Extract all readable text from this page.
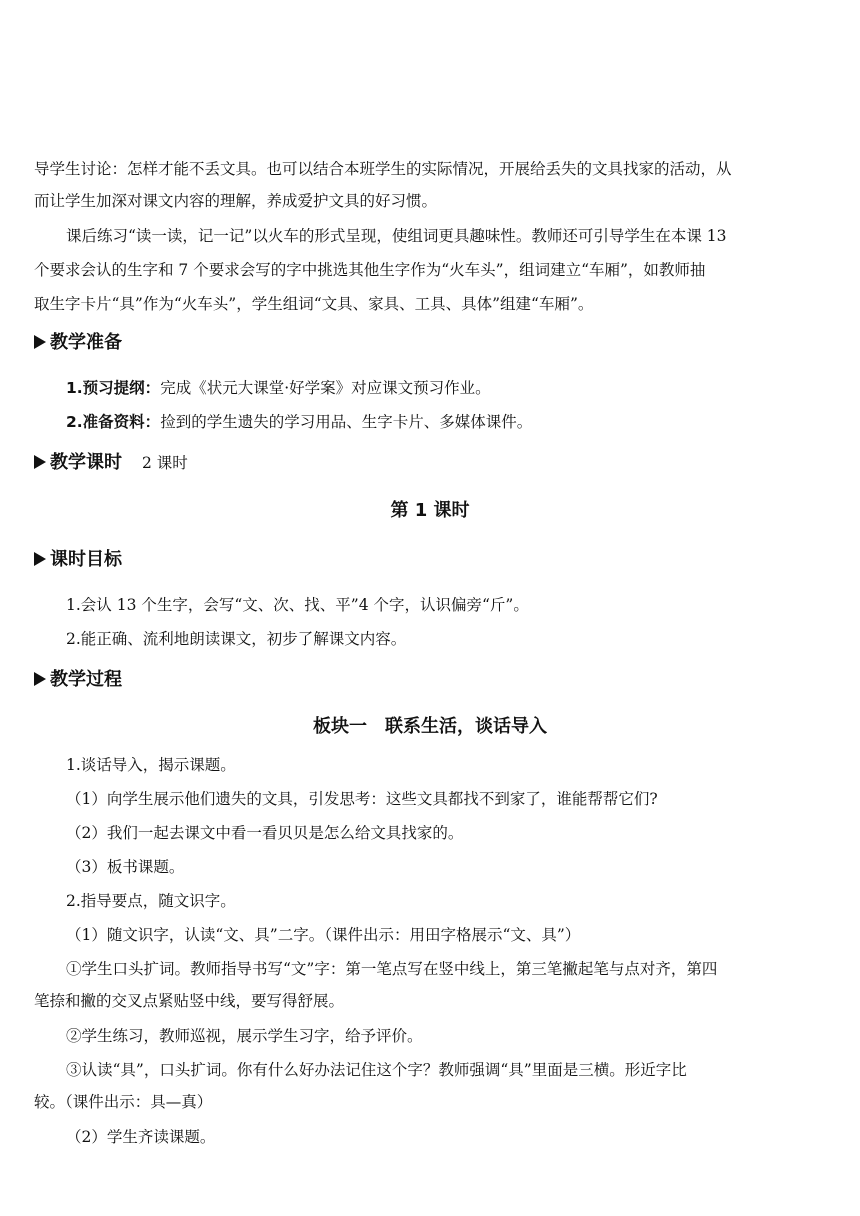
导学生讨论：怎样才能不丢文具。也可以结合本班学生的实际情况，开展给丢失的文具找家的活动，从
而让学生加深对课文内容的理解，养成爱护文具的好习惯。
课后练习“读一读，记一记”以火车的形式呈现，使组词更具趣味性。教师还可引导学生在本课 13
个要求会认的生字和 7 个要求会写的字中挑选其他生字作为“火车头”，组词建立“车厢”，如教师抽
取生字卡片“具”作为“火车头”，学生组词“文具、家具、工具、具体”组建“车厢”。
教学准备
1.预习提纲：完成《状元大课堂·好学案》对应课文预习作业。
2.准备资料：捡到的学生遗失的学习用品、生字卡片、多媒体课件。
教学课时 2 课时
第 1 课时
课时目标
1.会认 13 个生字，会写“文、次、找、平”4 个字，认识偏旁“斤”。
2.能正确、流利地朗读课文，初步了解课文内容。
教学过程
板块一　联系生活，谈话导入
1.谈话导入，揭示课题。
（1）向学生展示他们遗失的文具，引发思考：这些文具都找不到家了，谁能帮帮它们?
（2）我们一起去课文中看一看贝贝是怎么给文具找家的。
（3）板书课题。
2.指导要点，随文识字。
（1）随文识字，认读“文、具”二字。（课件出示：用田字格展示“文、具”）
①学生口头扩词。教师指导书写“文”字：第一笔点写在竖中线上，第三笔撇起笔与点对齐，第四
笔捺和撇的交叉点紧贴竖中线，要写得舒展。
②学生练习，教师巡视，展示学生习字，给予评价。
③认读“具”，口头扩词。你有什么好办法记住这个字？教师强调“具”里面是三横。形近字比
较。（课件出示：具—真）
（2）学生齐读课题。
